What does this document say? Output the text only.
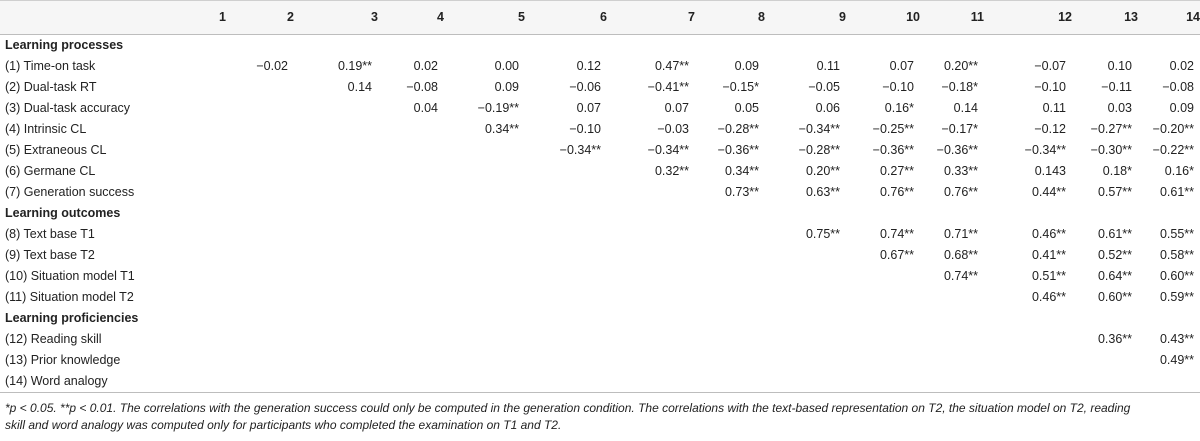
	1	2	3	4	5	6	7	8	9	10	11	12	13	14
Learning processes														
(1) Time-on task		−0.02	0.19**	0.02	0.00	0.12	0.47**	0.09	0.11	0.07	0.20**	−0.07	0.10	0.02
(2) Dual-task RT			0.14	−0.08	0.09	−0.06	−0.41**	−0.15*	−0.05	−0.10	−0.18*	−0.10	−0.11	−0.08
(3) Dual-task accuracy				0.04	−0.19**	0.07	0.07	0.05	0.06	0.16*	0.14	0.11	0.03	0.09
(4) Intrinsic CL					0.34**	−0.10	−0.03	−0.28**	−0.34**	−0.25**	−0.17*	−0.12	−0.27**	−0.20**
(5) Extraneous CL						−0.34**	−0.34**	−0.36**	−0.28**	−0.36**	−0.36**	−0.34**	−0.30**	−0.22**
(6) Germane CL							0.32**	0.34**	0.20**	0.27**	0.33**	0.143	0.18*	0.16*
(7) Generation success								0.73**	0.63**	0.76**	0.76**	0.44**	0.57**	0.61**
Learning outcomes														
(8) Text base T1									0.75**	0.74**	0.71**	0.46**	0.61**	0.55**
(9) Text base T2										0.67**	0.68**	0.41**	0.52**	0.58**
(10) Situation model T1											0.74**	0.51**	0.64**	0.60**
(11) Situation model T2												0.46**	0.60**	0.59**
Learning proficiencies														
(12) Reading skill													0.36**	0.43**
(13) Prior knowledge														0.49**
(14) Word analogy														
*p < 0.05. **p < 0.01. The correlations with the generation success could only be computed in the generation condition. The correlations with the text-based representation on T2, the situation model on T2, reading
skill and word analogy was computed only for participants who completed the examination on T1 and T2.
